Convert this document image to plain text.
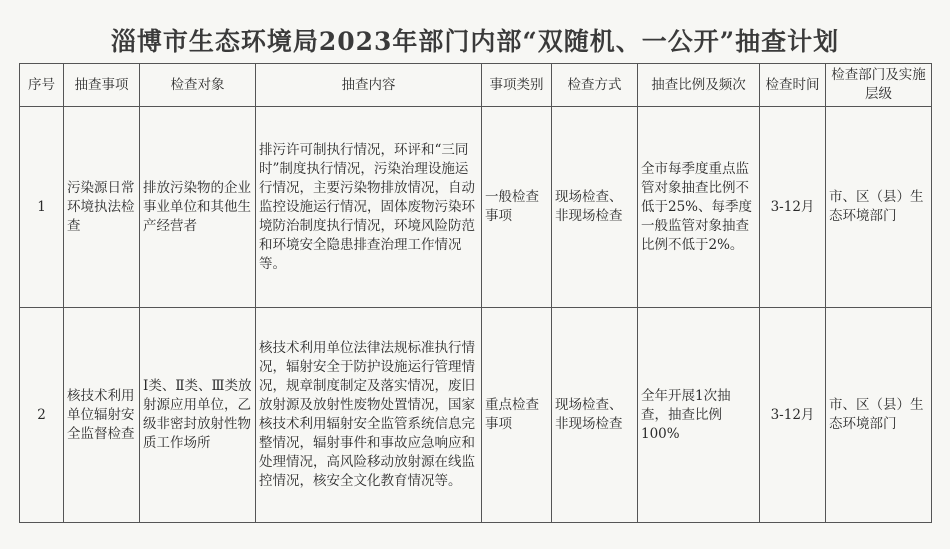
淄博市生态环境局2023年部门内部“双随机、一公开”抽查计划
序号	抽查事项	检查对象	抽查内容	事项类别	检查方式	抽查比例及频次	检查时间	检查部门及实施层级
1	污染源日常环境执法检查	排放污染物的企业事业单位和其他生产经营者	排污许可制执行情况，环评和“三同时”制度执行情况，污染治理设施运行情况，主要污染物排放情况，自动监控设施运行情况，固体废物污染环境防治制度执行情况，环境风险防范和环境安全隐患排查治理工作情况等。	一般检查事项	现场检查、非现场检查	全市每季度重点监管对象抽查比例不低于25%、每季度一般监管对象抽查比例不低于2%。	3-12月	市、区（县）生态环境部门
2	核技术利用单位辐射安全监督检查	Ⅰ类、Ⅱ类、Ⅲ类放射源应用单位，乙级非密封放射性物质工作场所	核技术利用单位法律法规标准执行情况，辐射安全于防护设施运行管理情况，规章制度制定及落实情况，废旧放射源及放射性废物处置情况，国家核技术利用辐射安全监管系统信息完整情况，辐射事件和事故应急响应和处理情况，高风险移动放射源在线监控情况，核安全文化教育情况等。	重点检查事项	现场检查、非现场检查	全年开展1次抽查，抽查比例100%	3-12月	市、区（县）生态环境部门
